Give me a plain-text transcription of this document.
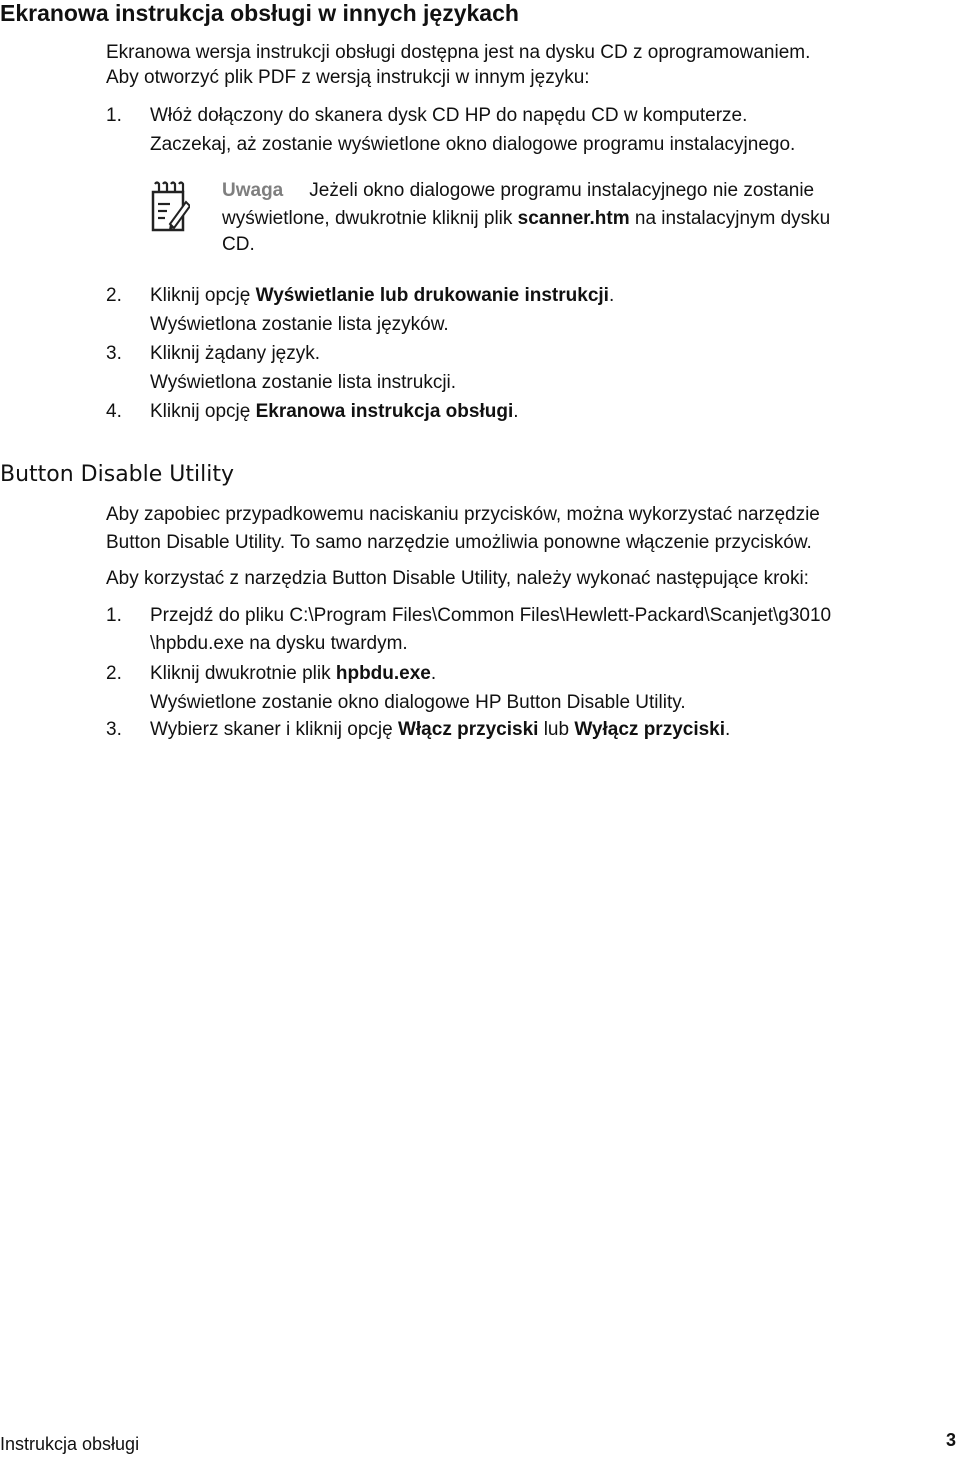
Ekranowa instrukcja obsługi w innych językach
Ekranowa wersja instrukcji obsługi dostępna jest na dysku CD z oprogramowaniem.
Aby otworzyć plik PDF z wersją instrukcji w innym języku:
1. Włóż dołączony do skanera dysk CD HP do napędu CD w komputerze.
Zaczekaj, aż zostanie wyświetlone okno dialogowe programu instalacyjnego.
Uwaga Jeżeli okno dialogowe programu instalacyjnego nie zostanie
wyświetlone, dwukrotnie kliknij plik scanner.htm na instalacyjnym dysku
CD.
2. Kliknij opcję Wyświetlanie lub drukowanie instrukcji.
Wyświetlona zostanie lista języków.
3. Kliknij żądany język.
Wyświetlona zostanie lista instrukcji.
4. Kliknij opcję Ekranowa instrukcja obsługi.
Button Disable Utility
Aby zapobiec przypadkowemu naciskaniu przycisków, można wykorzystać narzędzie
Button Disable Utility. To samo narzędzie umożliwia ponowne włączenie przycisków.
Aby korzystać z narzędzia Button Disable Utility, należy wykonać następujące kroki:
1. Przejdź do pliku C:\Program Files\Common Files\Hewlett-Packard\Scanjet\g3010
\hpbdu.exe na dysku twardym.
2. Kliknij dwukrotnie plik hpbdu.exe.
Wyświetlone zostanie okno dialogowe HP Button Disable Utility.
3. Wybierz skaner i kliknij opcję Włącz przyciski lub Wyłącz przyciski.
Instrukcja obsługi	3
